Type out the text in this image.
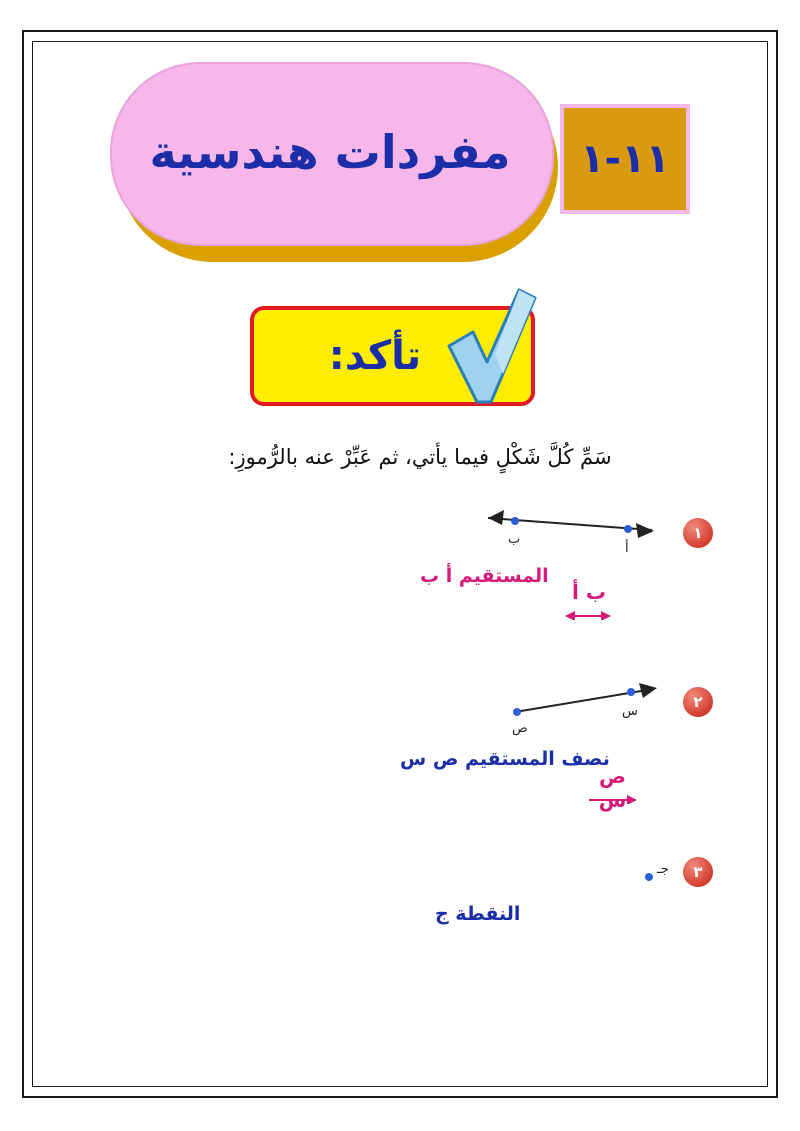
مفردات هندسية	١١-١
تأكد:
سَمِّ كُلَّ شَكْلٍ فيما يأتي، ثم عَبِّرْ عنه بالرُّموزِ:
١
ب
أ
المستقيم أ ب
ب أ
٢
ص
س
نصف المستقيم ص س
ص س
٣
جـ
النقطة ج
